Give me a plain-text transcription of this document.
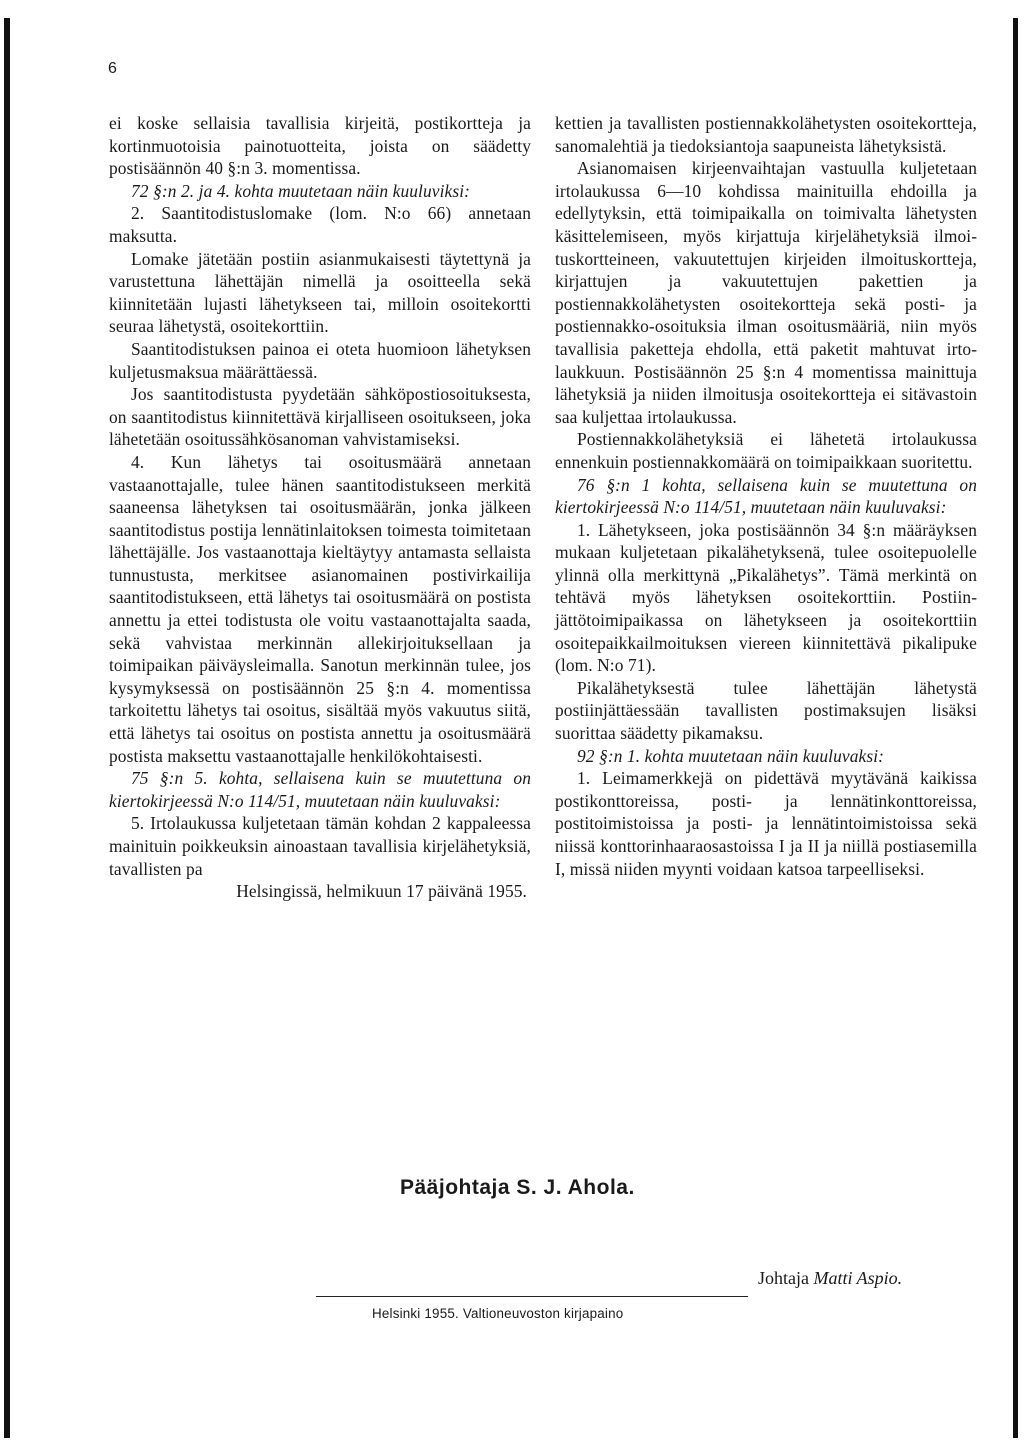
6

ei koske sellaisia tavallisia kirjeitä, postikortteja ja kortinmuotoisia painotuotteita, joista on säädetty postisäännön 40 §:n 3. momentissa.

72 §:n 2. ja 4. kohta muutetaan näin kuuluviksi:

2. Saantitodistuslomake (lom. N:o 66) annetaan maksutta.

Lomake jätetään postiin asianmukaisesti täytettynä ja varustettuna lähettäjän nimellä ja osoitteella sekä kiinnitetään lujasti lähetykseen tai, milloin osoitekortti seuraa lähetystä, osoitekorttiin.

Saantitodistuksen painoa ei oteta huomioon lähetyksen kuljetusmaksua määrättäessä.

Jos saantitodistusta pyydetään sähköpostiosoituksesta, on saantitodistus kiinnitettävä kirjalliseen osoitukseen, joka lähetetään osoitussähkösanoman vahvistamiseksi.

4. Kun lähetys tai osoitusmäärä annetaan vastaanottajalle, tulee hänen saantitodistukseen merkitä saaneensa lähetyksen tai osoitusmäärän, jonka jälkeen saantitodistus postija lennätinlaitoksen toimesta toimitetaan lähettäjälle. Jos vastaanottaja kieltäytyy antamasta sellaista tunnustusta, merkitsee asianomainen postivirkailija saantitodistukseen, että lähetys tai osoitusmäärä on postista annettu ja ettei todistusta ole voitu vastaanottajalta saada, sekä vahvistaa merkinnän allekirjoituksellaan ja toimipaikan päiväysleimalla. Sanotun merkinnän tulee, jos kysymyksessä on postisäännön 25 §:n 4. momentissa tarkoitettu lähetys tai osoitus, sisältää myös vakuutus siitä, että lähetys tai osoitus on postista annettu ja osoitusmäärä postista maksettu vastaanottajalle henkilökohtaisesti.

75 §:n 5. kohta, sellaisena kuin se muutettuna on kiertokirjeessä N:o 114/51, muutetaan näin kuuluvaksi:

5. Irtolaukussa kuljetetaan tämän kohdan 2 kappaleessa mainituin poikkeuksin ainoastaan tavallisia kirjelähetyksiä, tavallisten pa

Helsingissä, helmikuun 17 päivänä 1955.

kettien ja tavallisten postiennakkolähetysten osoitekortteja, sanomalehtiä ja tiedoksiantoja saapuneista lähetyksistä.

Asianomaisen kirjeenvaihtajan vastuulla kuljetetaan irtolaukussa 6—10 kohdissa mainituilla ehdoilla ja edellytyksin, että toimipaikalla on toimivalta lähetysten käsittelemiseen, myös kirjattuja kirjelähetyksiä ilmoituskortteineen, vakuutettujen kirjeiden ilmoituskortteja, kirjattujen ja vakuutettujen pakettien ja postiennakkolähetysten osoitekortteja sekä posti- ja postiennakko-osoituksia ilman osoitusmääriä, niin myös tavallisia paketteja ehdolla, että paketit mahtuvat irtolaukkuun. Postisäännön 25 §:n 4 momentissa mainittuja lähetyksiä ja niiden ilmoitusja osoitekortteja ei sitävastoin saa kuljettaa irtolaukussa.

Postiennakkolähetyksiä ei lähetetä irtolaukussa ennenkuin postiennakkomäärä on toimipaikkaan suoritettu.

76 §:n 1 kohta, sellaisena kuin se muutettuna on kiertokirjeessä N:o 114/51, muutetaan näin kuuluvaksi:

1. Lähetykseen, joka postisäännön 34 §:n määräyksen mukaan kuljetetaan pikalähetyksenä, tulee osoitepuolelle ylinnä olla merkittynä „Pikalähetys”. Tämä merkintä on tehtävä myös lähetyksen osoitekorttiin. Postiinjättötoimipaikassa on lähetykseen ja osoitekorttiin osoitepaikkailmoituksen viereen kiinnitettävä pikalipuke (lom. N:o 71).

Pikalähetyksestä tulee lähettäjän lähetystä postiinjättäessään tavallisten postimaksujen lisäksi suorittaa säädetty pikamaksu.

92 §:n 1. kohta muutetaan näin kuuluvaksi:

1. Leimamerkkejä on pidettävä myytävänä kaikissa postikonttoreissa, posti- ja lennätinkonttoreissa, postitoimistoissa ja posti- ja lennätintoimistoissa sekä niissä konttorinhaaraosastoissa I ja II ja niillä postiasemilla I, missä niiden myynti voidaan katsoa tarpeelliseksi.

Pääjohtaja S. J. Ahola.
Johtaja Matti Aspio.
Helsinki 1955. Valtioneuvoston kirjapaino
